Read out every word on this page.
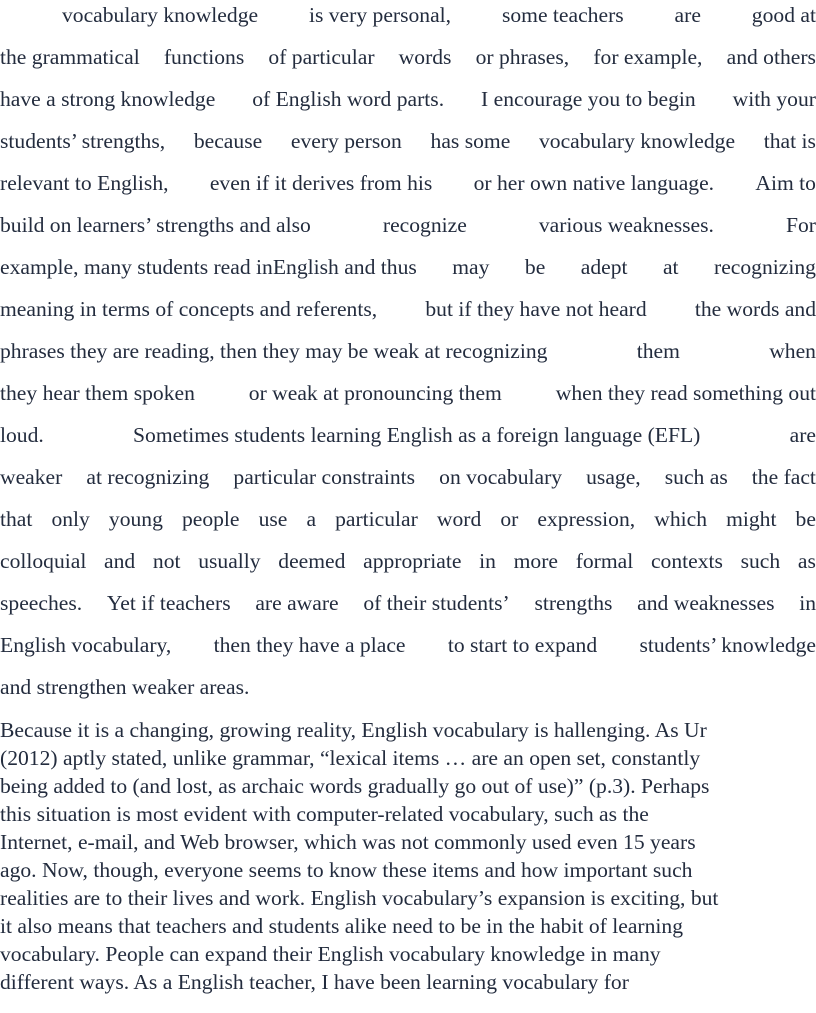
vocabulary knowledge is very personal, some teachers are good at
the grammatical functions of particular words or phrases, for example, and others
have a strong knowledge of English word parts. I encourage you to begin with your
students’ strengths, because every person has some vocabulary knowledge that is
relevant to English, even if it derives from his or her own native language. Aim to
build on learners’ strengths and also	recognize	various weaknesses.	For
example, many students read inEnglish and thus may be adept at recognizing
meaning in terms of concepts and referents, but if they have not heard the words and
phrases they are reading, then they may be weak at recognizing	them	when
they hear them spoken or weak at pronouncing them when they read something out
loud.	Sometimes students learning English as a foreign language (EFL)	are
weaker at recognizing particular constraints on vocabulary usage, such as the fact
that only young people use a particular word or expression, which might be
colloquial and not usually deemed appropriate in more formal contexts such as
speeches. Yet if teachers are aware of their students’ strengths and weaknesses in
English vocabulary, then they have a place to start to expand students’ knowledge
and strengthen weaker areas.
Because it is a changing, growing reality, English vocabulary is hallenging. As Ur
(2012) aptly stated, unlike grammar, “lexical items … are an open set, constantly
being added to (and lost, as archaic words gradually go out of use)” (p.3). Perhaps
this situation is most evident with computer-related vocabulary, such as the
Internet, e-mail, and Web browser, which was not commonly used even 15 years
ago. Now, though, everyone seems to know these items and how important such
realities are to their lives and work. English vocabulary’s expansion is exciting, but
it also means that teachers and students alike need to be in the habit of learning
vocabulary. People can expand their English vocabulary knowledge in many
different ways. As a English teacher, I have been learning vocabulary for
